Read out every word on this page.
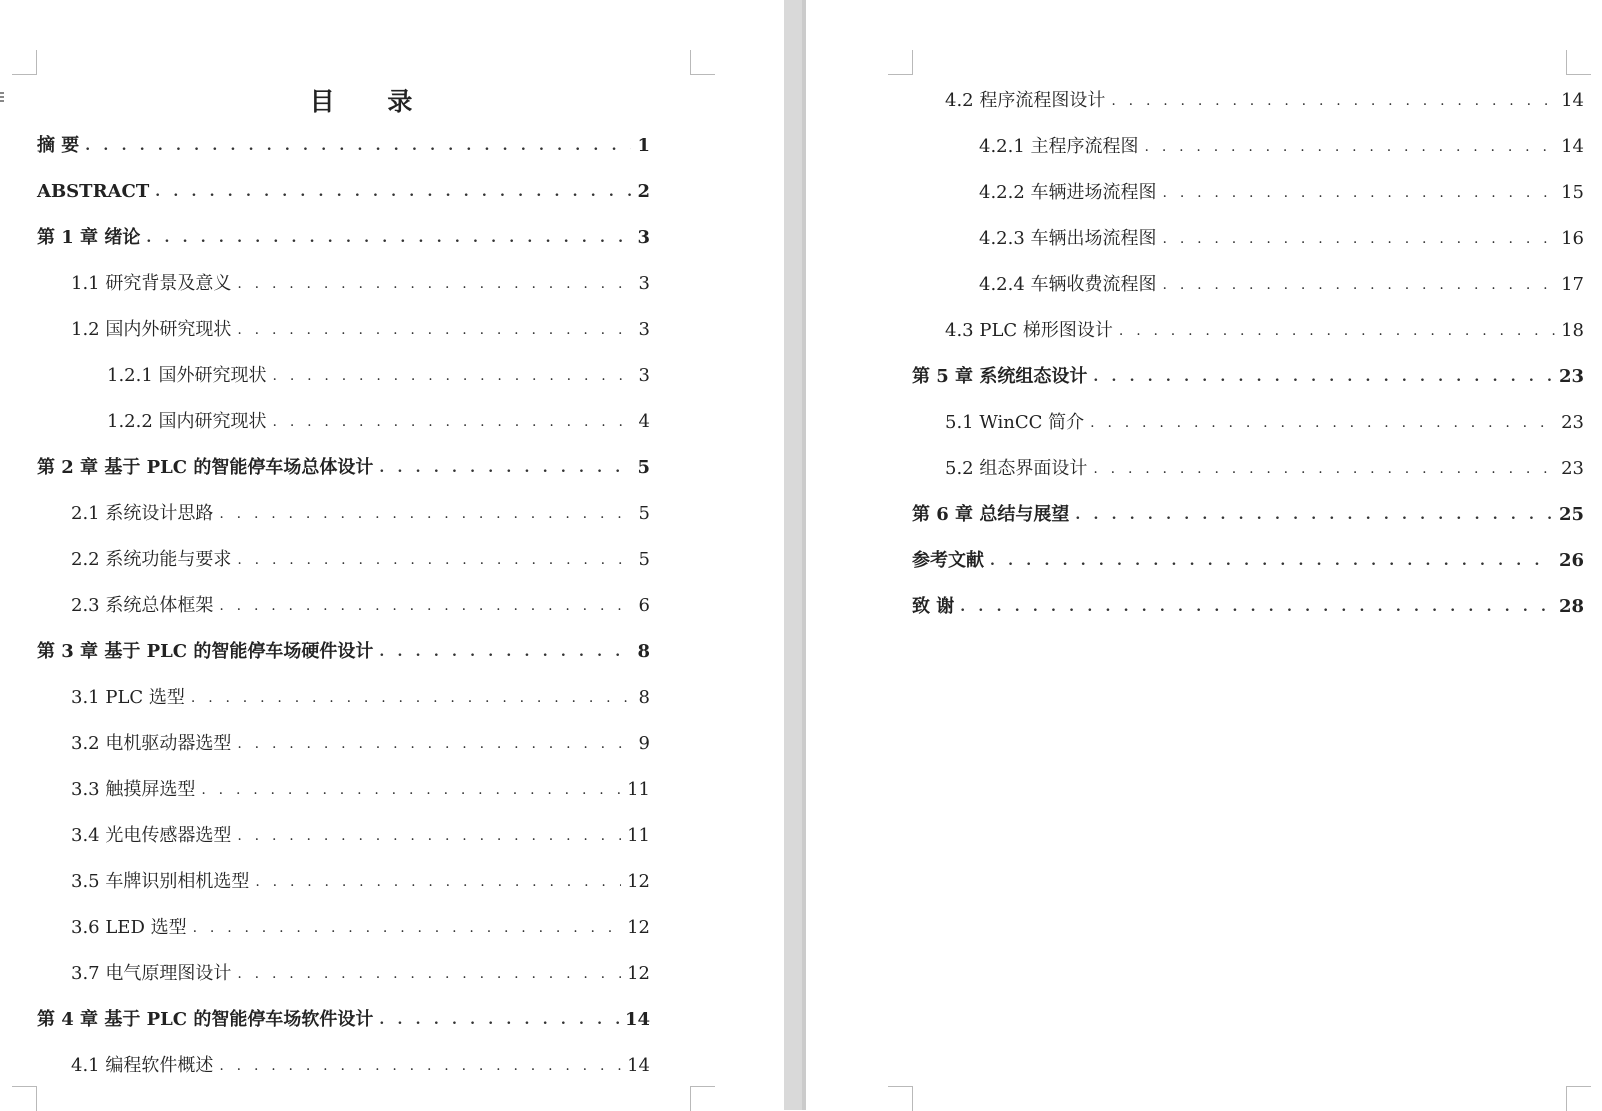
目 录
摘 要 . . .	1
ABSTRACT . . .	2
第 1 章 绪论 . . .	3
1.1 研究背景及意义 . . .	3
1.2 国内外研究现状 . . .	3
1.2.1 国外研究现状 . . .	3
1.2.2 国内研究现状 . . .	4
第 2 章 基于 PLC 的智能停车场总体设计 . . .	5
2.1 系统设计思路 . . .	5
2.2 系统功能与要求 . . .	5
2.3 系统总体框架 . . .	6
第 3 章 基于 PLC 的智能停车场硬件设计 . . .	8
3.1 PLC 选型 . . .	8
3.2 电机驱动器选型 . . .	9
3.3 触摸屏选型 . . .	11
3.4 光电传感器选型 . . .	11
3.5 车牌识别相机选型 . . .	12
3.6 LED 选型 . . .	12
3.7 电气原理图设计 . . .	12
第 4 章 基于 PLC 的智能停车场软件设计 . . .	14
4.1 编程软件概述 . . .	14
4.2 程序流程图设计 . . .	14
4.2.1 主程序流程图 . . .	14
4.2.2 车辆进场流程图 . . .	15
4.2.3 车辆出场流程图 . . .	16
4.2.4 车辆收费流程图 . . .	17
4.3 PLC 梯形图设计 . . .	18
第 5 章 系统组态设计 . . .	23
5.1 WinCC 简介 . . .	23
5.2 组态界面设计 . . .	23
第 6 章 总结与展望 . . .	25
参考文献 . . .	26
致 谢 . . .	28
